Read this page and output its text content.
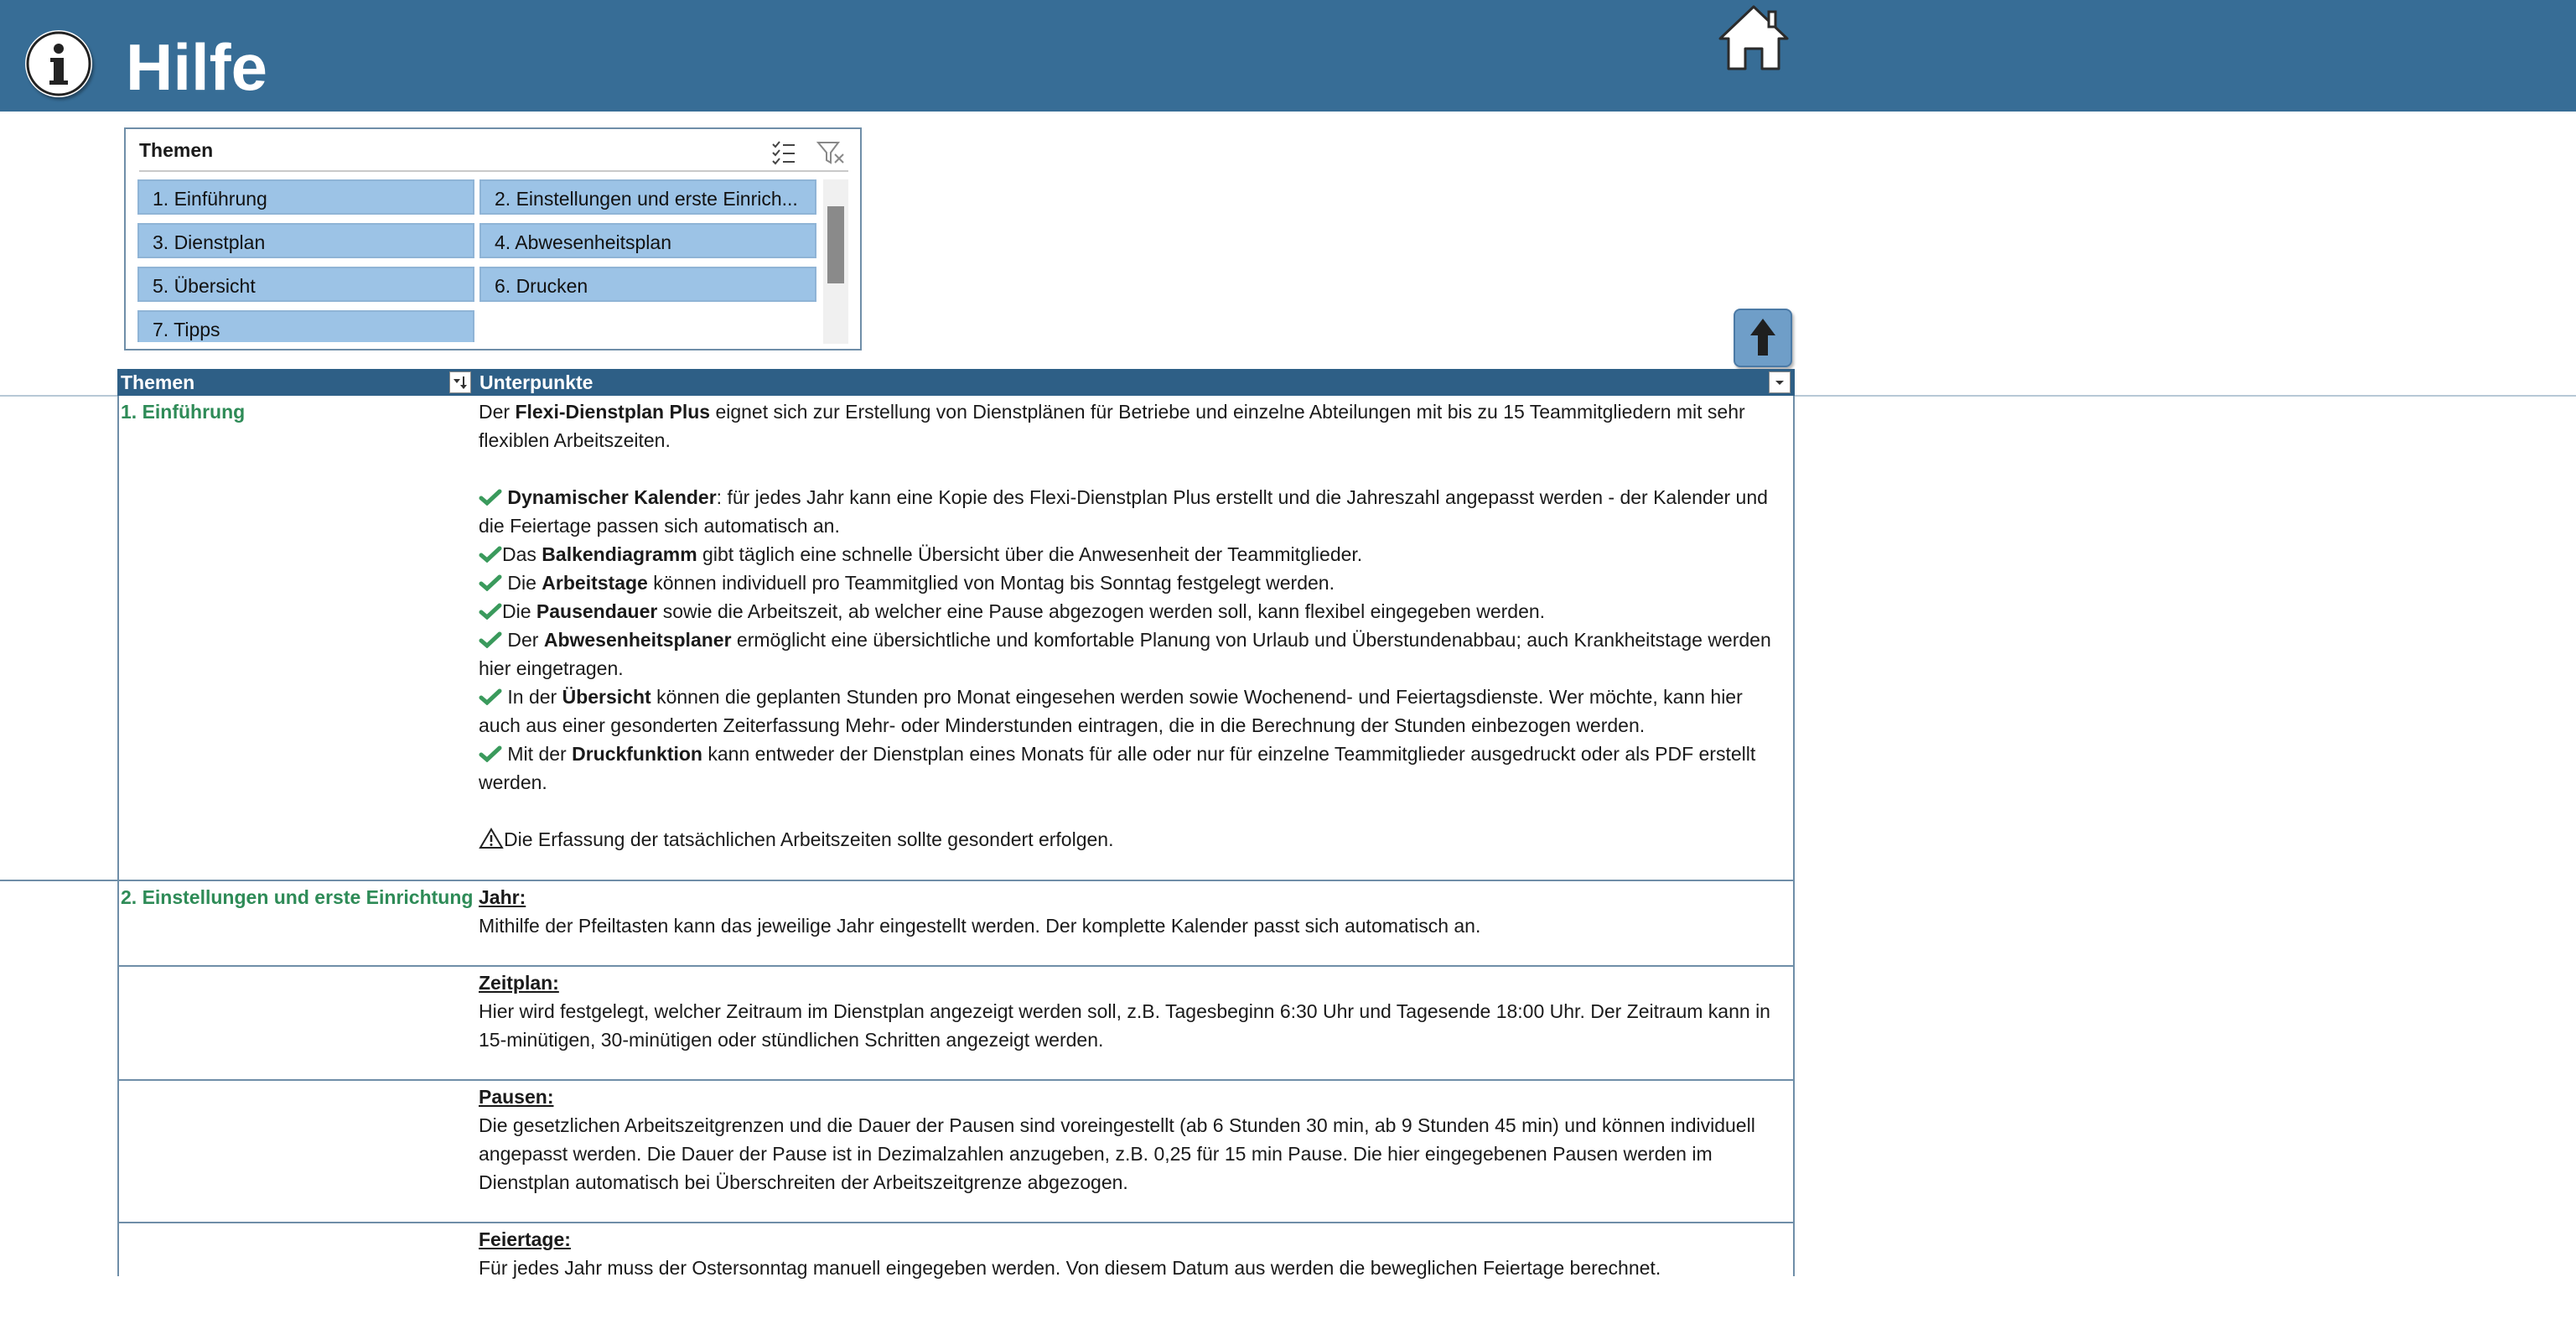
Hilfe
Themen
1. Einführung	2. Einstellungen und erste Einrich...
3. Dienstplan	4. Abwesenheitsplan
5. Übersicht	6. Drucken
7. Tipps
Themen	Unterpunkte
1. Einführung	Der Flexi-Dienstplan Plus eignet sich zur Erstellung von Dienstplänen für Betriebe und einzelne Abteilungen mit bis zu 15 Teammitgliedern mit sehr flexiblen Arbeitszeiten.
Dynamischer Kalender: für jedes Jahr kann eine Kopie des Flexi-Dienstplan Plus erstellt und die Jahreszahl angepasst werden - der Kalender und die Feiertage passen sich automatisch an.
Das Balkendiagramm gibt täglich eine schnelle Übersicht über die Anwesenheit der Teammitglieder.
Die Arbeitstage können individuell pro Teammitglied von Montag bis Sonntag festgelegt werden.
Die Pausendauer sowie die Arbeitszeit, ab welcher eine Pause abgezogen werden soll, kann flexibel eingegeben werden.
Der Abwesenheitsplaner ermöglicht eine übersichtliche und komfortable Planung von Urlaub und Überstundenabbau; auch Krankheitstage werden hier eingetragen.
In der Übersicht können die geplanten Stunden pro Monat eingesehen werden sowie Wochenend- und Feiertagsdienste. Wer möchte, kann hier auch aus einer gesonderten Zeiterfassung Mehr- oder Minderstunden eintragen, die in die Berechnung der Stunden einbezogen werden.
Mit der Druckfunktion kann entweder der Dienstplan eines Monats für alle oder nur für einzelne Teammitglieder ausgedruckt oder als PDF erstellt werden.
Die Erfassung der tatsächlichen Arbeitszeiten sollte gesondert erfolgen.
2. Einstellungen und erste Einrichtung Jahr:
Mithilfe der Pfeiltasten kann das jeweilige Jahr eingestellt werden. Der komplette Kalender passt sich automatisch an.
Zeitplan:
Hier wird festgelegt, welcher Zeitraum im Dienstplan angezeigt werden soll, z.B. Tagesbeginn 6:30 Uhr und Tagesende 18:00 Uhr. Der Zeitraum kann in 15-minütigen, 30-minütigen oder stündlichen Schritten angezeigt werden.
Pausen:
Die gesetzlichen Arbeitszeitgrenzen und die Dauer der Pausen sind voreingestellt (ab 6 Stunden 30 min, ab 9 Stunden 45 min) und können individuell angepasst werden. Die Dauer der Pause ist in Dezimalzahlen anzugeben, z.B. 0,25 für 15 min Pause. Die hier eingegebenen Pausen werden im Dienstplan automatisch bei Überschreiten der Arbeitszeitgrenze abgezogen.
Feiertage:
Für jedes Jahr muss der Ostersonntag manuell eingegeben werden. Von diesem Datum aus werden die beweglichen Feiertage berechnet.
